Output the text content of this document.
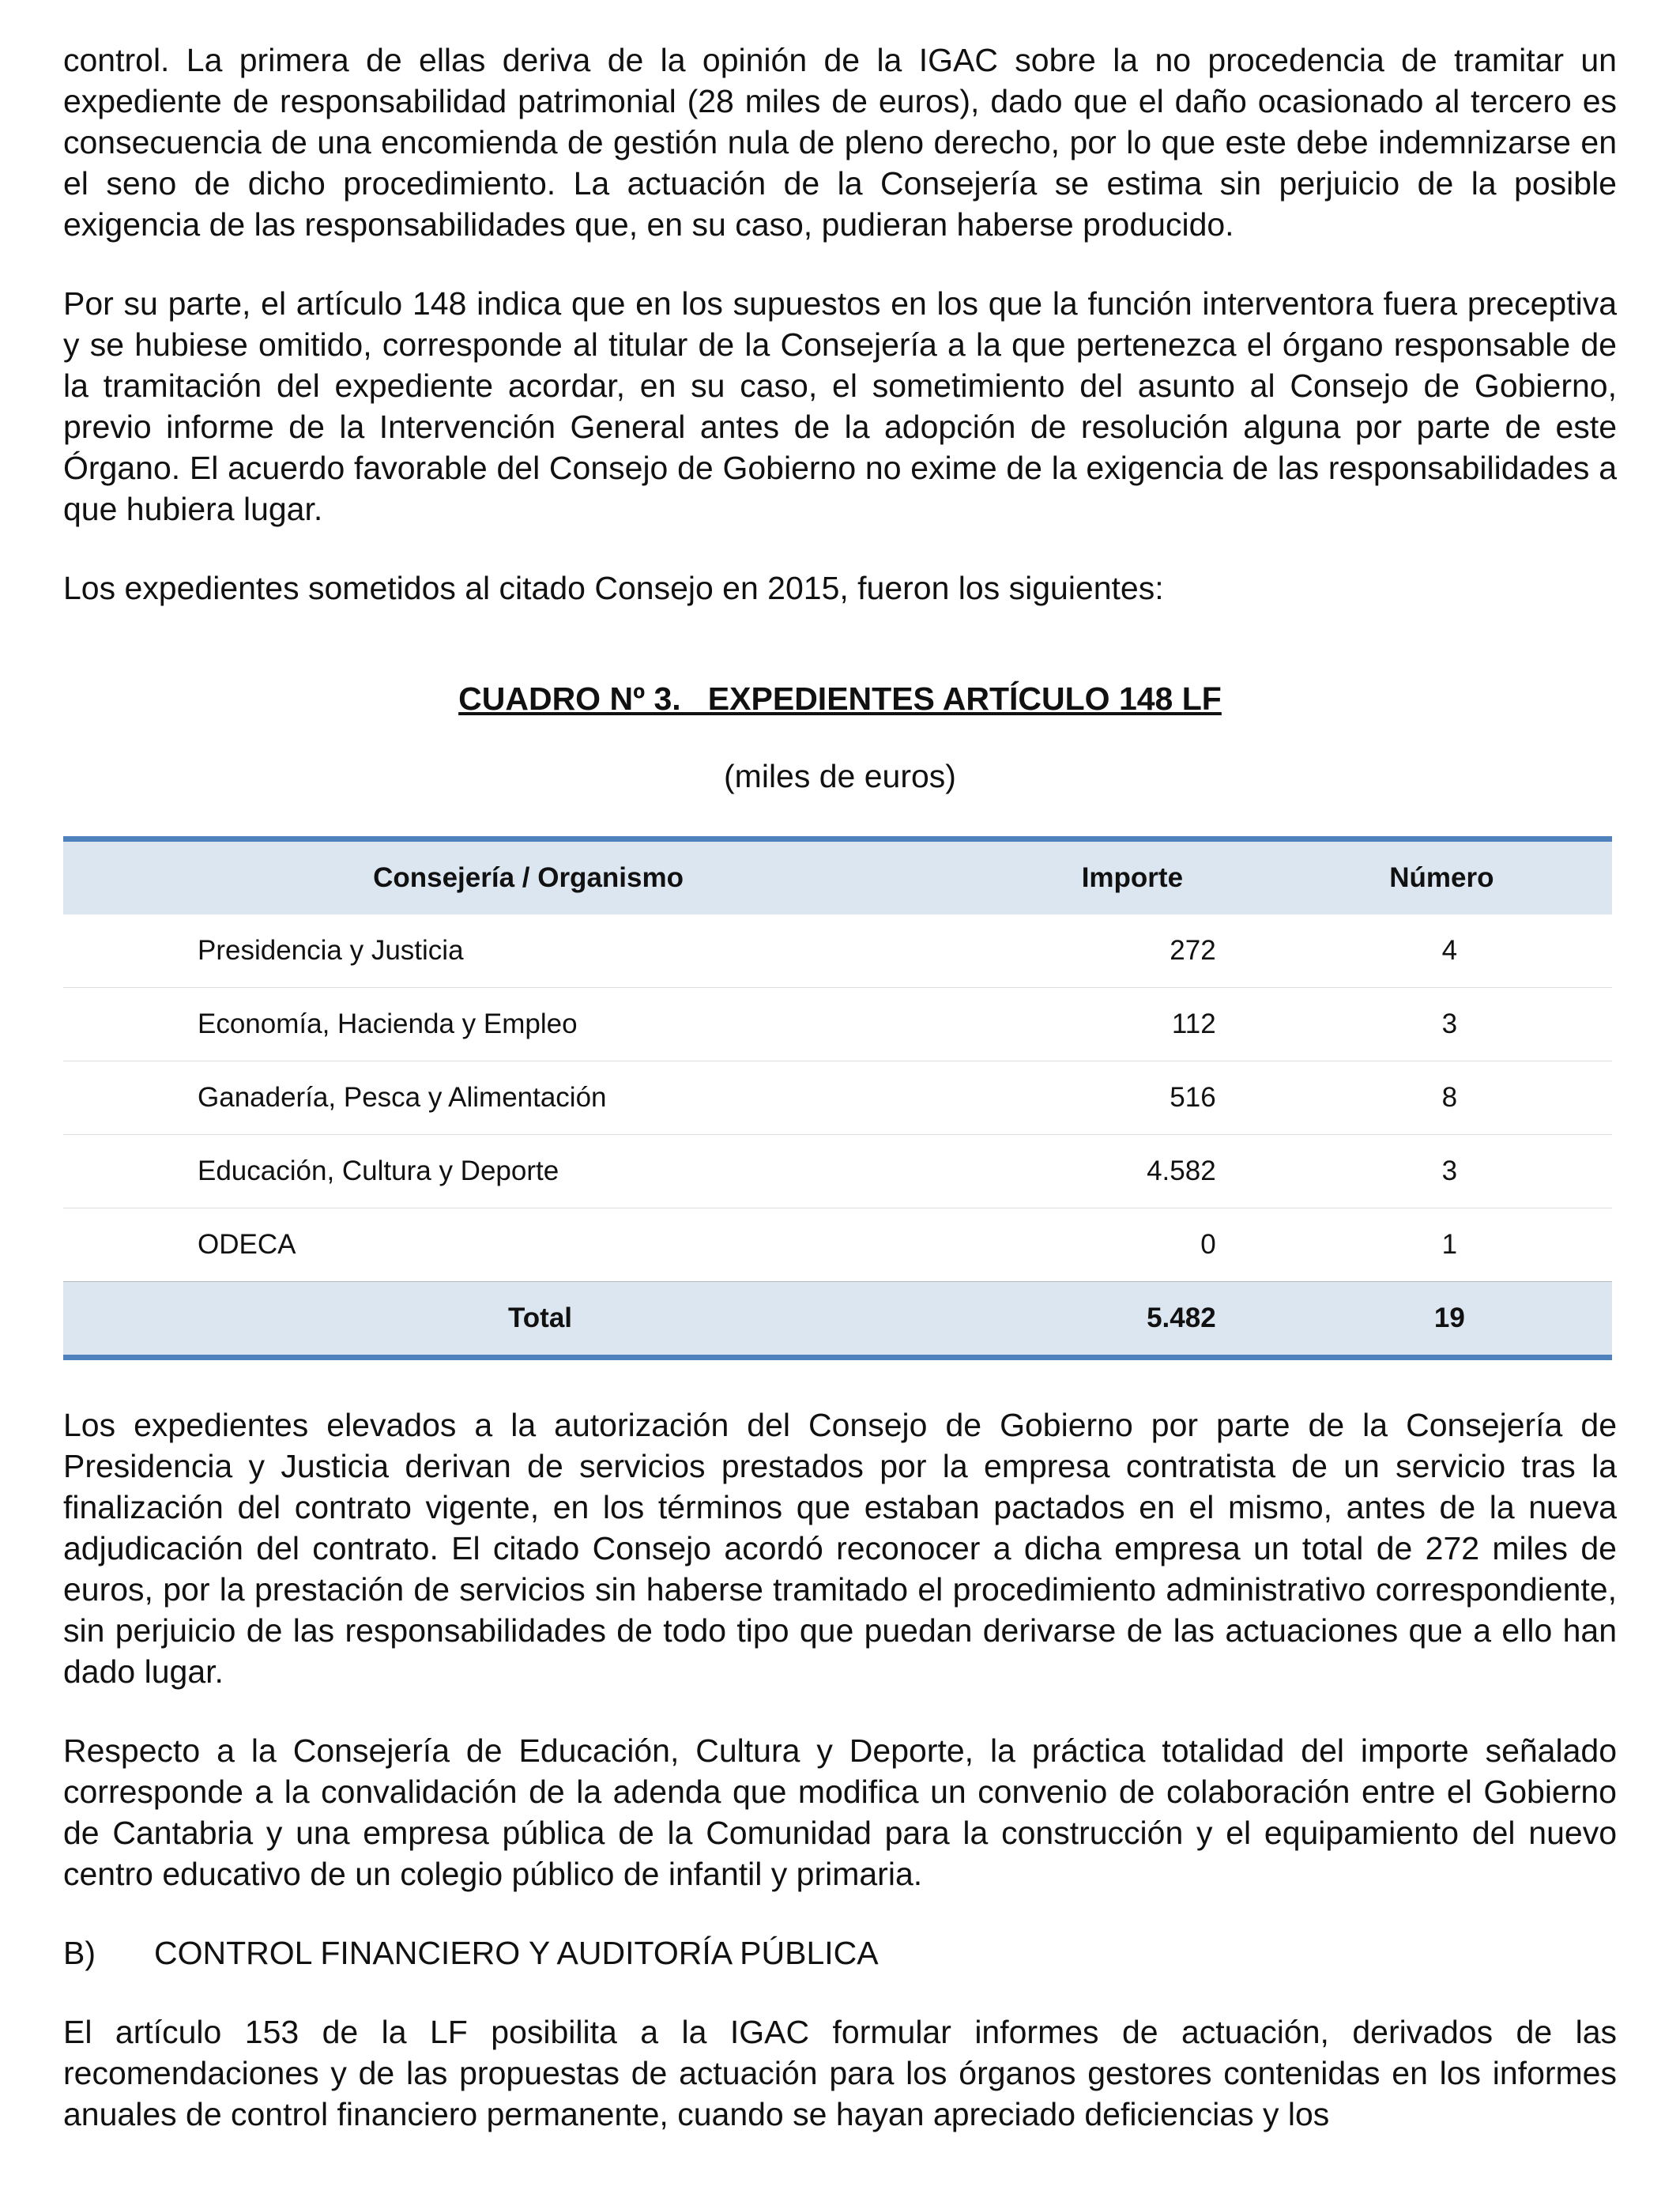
control. La primera de ellas deriva de la opinión de la IGAC sobre la no procedencia de tramitar un expediente de responsabilidad patrimonial (28 miles de euros), dado que el daño ocasionado al tercero es consecuencia de una encomienda de gestión nula de pleno derecho, por lo que este debe indemnizarse en el seno de dicho procedimiento. La actuación de la Consejería se estima sin perjuicio de la posible exigencia de las responsabilidades que, en su caso, pudieran haberse producido.

Por su parte, el artículo 148 indica que en los supuestos en los que la función interventora fuera preceptiva y se hubiese omitido, corresponde al titular de la Consejería a la que pertenezca el órgano responsable de la tramitación del expediente acordar, en su caso, el sometimiento del asunto al Consejo de Gobierno, previo informe de la Intervención General antes de la adopción de resolución alguna por parte de este Órgano. El acuerdo favorable del Consejo de Gobierno no exime de la exigencia de las responsabilidades a que hubiera lugar.

Los expedientes sometidos al citado Consejo en 2015, fueron los siguientes:

CUADRO Nº 3.   EXPEDIENTES ARTÍCULO 148 LF
(miles de euros)
Consejería / Organismo	Importe	Número
Presidencia y Justicia	272	4
Economía, Hacienda y Empleo	112	3
Ganadería, Pesca y Alimentación	516	8
Educación, Cultura y Deporte	4.582	3
ODECA	0	1
Total	5.482	19

Los expedientes elevados a la autorización del Consejo de Gobierno por parte de la Consejería de Presidencia y Justicia derivan de servicios prestados por la empresa contratista de un servicio tras la finalización del contrato vigente, en los términos que estaban pactados en el mismo, antes de la nueva adjudicación del contrato. El citado Consejo acordó reconocer a dicha empresa un total de 272 miles de euros, por la prestación de servicios sin haberse tramitado el procedimiento administrativo correspondiente, sin perjuicio de las responsabilidades de todo tipo que puedan derivarse de las actuaciones que a ello han dado lugar.

Respecto a la Consejería de Educación, Cultura y Deporte, la práctica totalidad del importe señalado corresponde a la convalidación de la adenda que modifica un convenio de colaboración entre el Gobierno de Cantabria y una empresa pública de la Comunidad para la construcción y el equipamiento del nuevo centro educativo de un colegio público de infantil y primaria.

B) CONTROL FINANCIERO Y AUDITORÍA PÚBLICA

El artículo 153 de la LF posibilita a la IGAC formular informes de actuación, derivados de las recomendaciones y de las propuestas de actuación para los órganos gestores contenidas en los informes anuales de control financiero permanente, cuando se hayan apreciado deficiencias y los
